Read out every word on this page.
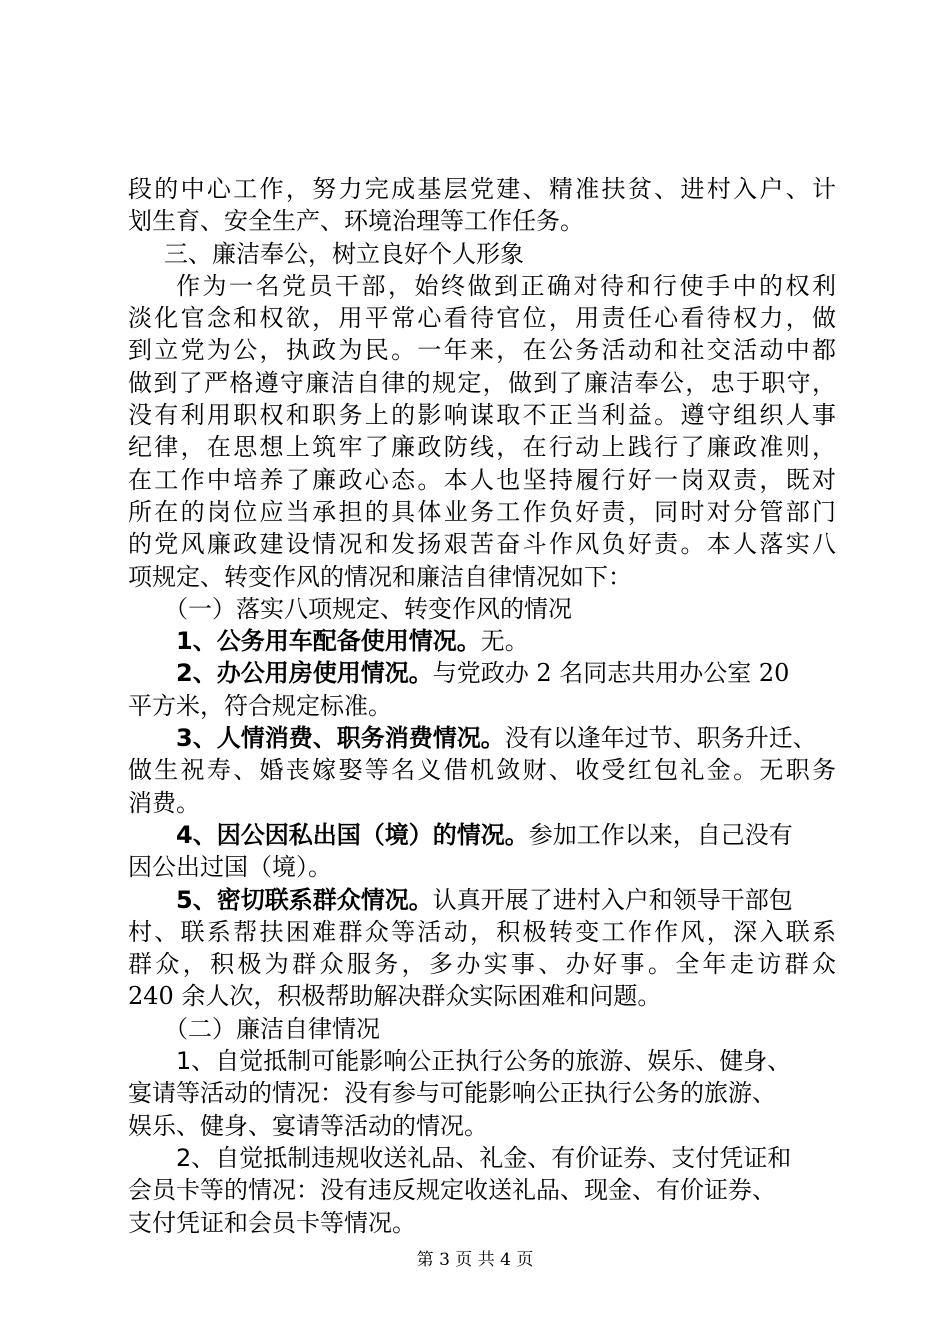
段的中心工作，努力完成基层党建、精准扶贫、进村入户、计
划生育、安全生产、环境治理等工作任务。
三、廉洁奉公，树立良好个人形象
作为一名党员干部，始终做到正确对待和行使手中的权利
淡化官念和权欲，用平常心看待官位，用责任心看待权力，做
到立党为公，执政为民。一年来，在公务活动和社交活动中都
做到了严格遵守廉洁自律的规定，做到了廉洁奉公，忠于职守，
没有利用职权和职务上的影响谋取不正当利益。遵守组织人事
纪律，在思想上筑牢了廉政防线，在行动上践行了廉政准则，
在工作中培养了廉政心态。本人也坚持履行好一岗双责，既对
所在的岗位应当承担的具体业务工作负好责，同时对分管部门
的党风廉政建设情况和发扬艰苦奋斗作风负好责。本人落实八
项规定、转变作风的情况和廉洁自律情况如下：
（一）落实八项规定、转变作风的情况
1、公务用车配备使用情况。无。
2、办公用房使用情况。与党政办 2 名同志共用办公室 20
平方米，符合规定标准。
3、人情消费、职务消费情况。没有以逢年过节、职务升迁、
做生祝寿、婚丧嫁娶等名义借机敛财、收受红包礼金。无职务
消费。
4、因公因私出国（境）的情况。参加工作以来，自己没有
因公出过国（境）。
5、密切联系群众情况。认真开展了进村入户和领导干部包
村、联系帮扶困难群众等活动，积极转变工作作风，深入联系
群众，积极为群众服务，多办实事、办好事。全年走访群众
240 余人次，积极帮助解决群众实际困难和问题。
（二）廉洁自律情况
1、自觉抵制可能影响公正执行公务的旅游、娱乐、健身、
宴请等活动的情况：没有参与可能影响公正执行公务的旅游、
娱乐、健身、宴请等活动的情况。
2、自觉抵制违规收送礼品、礼金、有价证券、支付凭证和
会员卡等的情况：没有违反规定收送礼品、现金、有价证券、
支付凭证和会员卡等情况。
第 3 页 共 4 页
